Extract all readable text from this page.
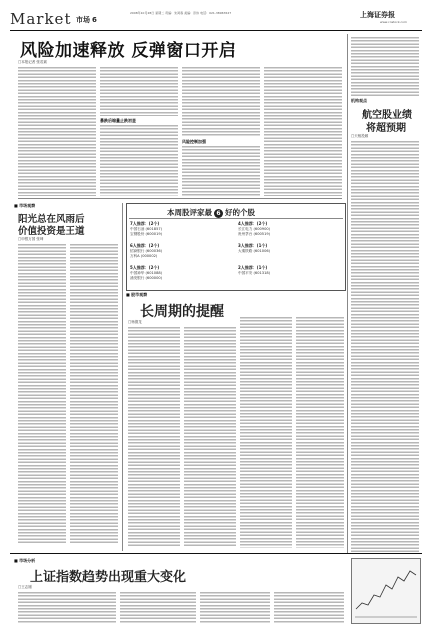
Market 市场 6
2008年10月28日 星期二 责编：朱鸿春 美编：彭伟 电话：021-38967627	上海证券报
www.cnstock.com
风险加速释放 反弹窗口开启
□本报记者 张若斌
暴跌后缩量止跌初显
风险控制加强
机构观点
航空股业绩
将超预期
□天相投顾
■ 市场观察
阳光总在风雨后
价值投资是王道
□申银万国 张坤
本周股评家最 6 好的个股
7人推荐：(2个)
中国石油 (601857)
宝钢股份 (600019)
6人推荐：(2个)
招商银行 (600036)
万科A (000002)
5人推荐：(2个)
中国神华 (601088)
浦发银行 (600000)
4人推荐：(2个)
长江电力 (600900)
贵州茅台 (600519)
3人推荐：(1个)
大秦铁路 (601006)
2人推荐：(1个)
中国平安 (601318)
■ 股市观察
长周期的提醒
□杨德龙
■ 市场分析
上证指数趋势出现重大变化
□王志刚
